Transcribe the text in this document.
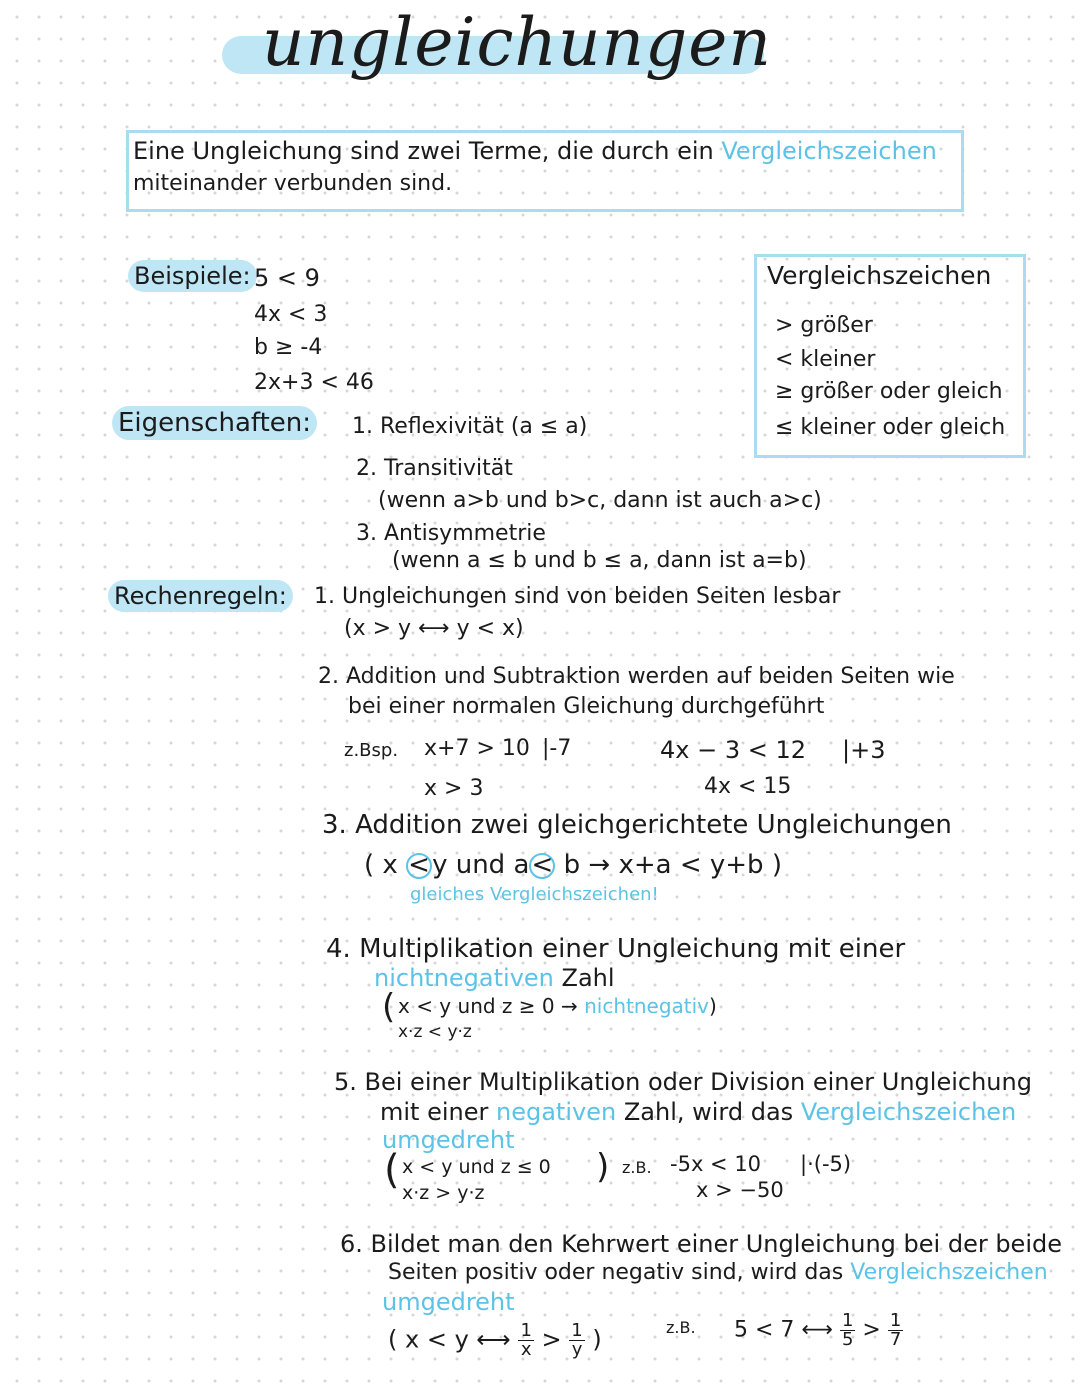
ungleichungen
Eine Ungleichung sind zwei Terme, die durch ein Vergleichszeichen
miteinander verbunden sind.
Beispiele: 5 < 9
4x < 3
b ≥ -4
2x+3 < 46
Vergleichszeichen
> größer
< kleiner
≥ größer oder gleich
≤ kleiner oder gleich
Eigenschaften: 1. Reflexivität (a ≤ a)
2. Transitivität
(wenn a>b und b>c, dann ist auch a>c)
3. Antisymmetrie
(wenn a ≤ b und b ≤ a, dann ist a=b)
Rechenregeln: 1. Ungleichungen sind von beiden Seiten lesbar
(x > y ⟷ y < x)
2. Addition und Subtraktion werden auf beiden Seiten wie
bei einer normalen Gleichung durchgeführt
z.Bsp. x+7 > 10 |-7
x > 3
4x − 3 < 12 |+3
4x < 15
3. Addition zwei gleichgerichtete Ungleichungen
( x <y und a< b → x+a < y+b )
gleiches Vergleichszeichen!
4. Multiplikation einer Ungleichung mit einer
nichtnegativen Zahl
( x < y und z ≥ 0 → nichtnegativ)
x·z < y·z
5. Bei einer Multiplikation oder Division einer Ungleichung
mit einer negativen Zahl, wird das Vergleichszeichen
umgedreht
( x < y und z ≤ 0
x·z > y·z
) z.B. -5x < 10 |·(-5)
x > −50
6. Bildet man den Kehrwert einer Ungleichung bei der beide
Seiten positiv oder negativ sind, wird das Vergleichszeichen
umgedreht
( x < y ⟷ $\frac{1}{x} > \frac{1}{y}$ )	z.B. 5 < 7 ⟷ $\frac{1}{5} > \frac{1}{7}$
